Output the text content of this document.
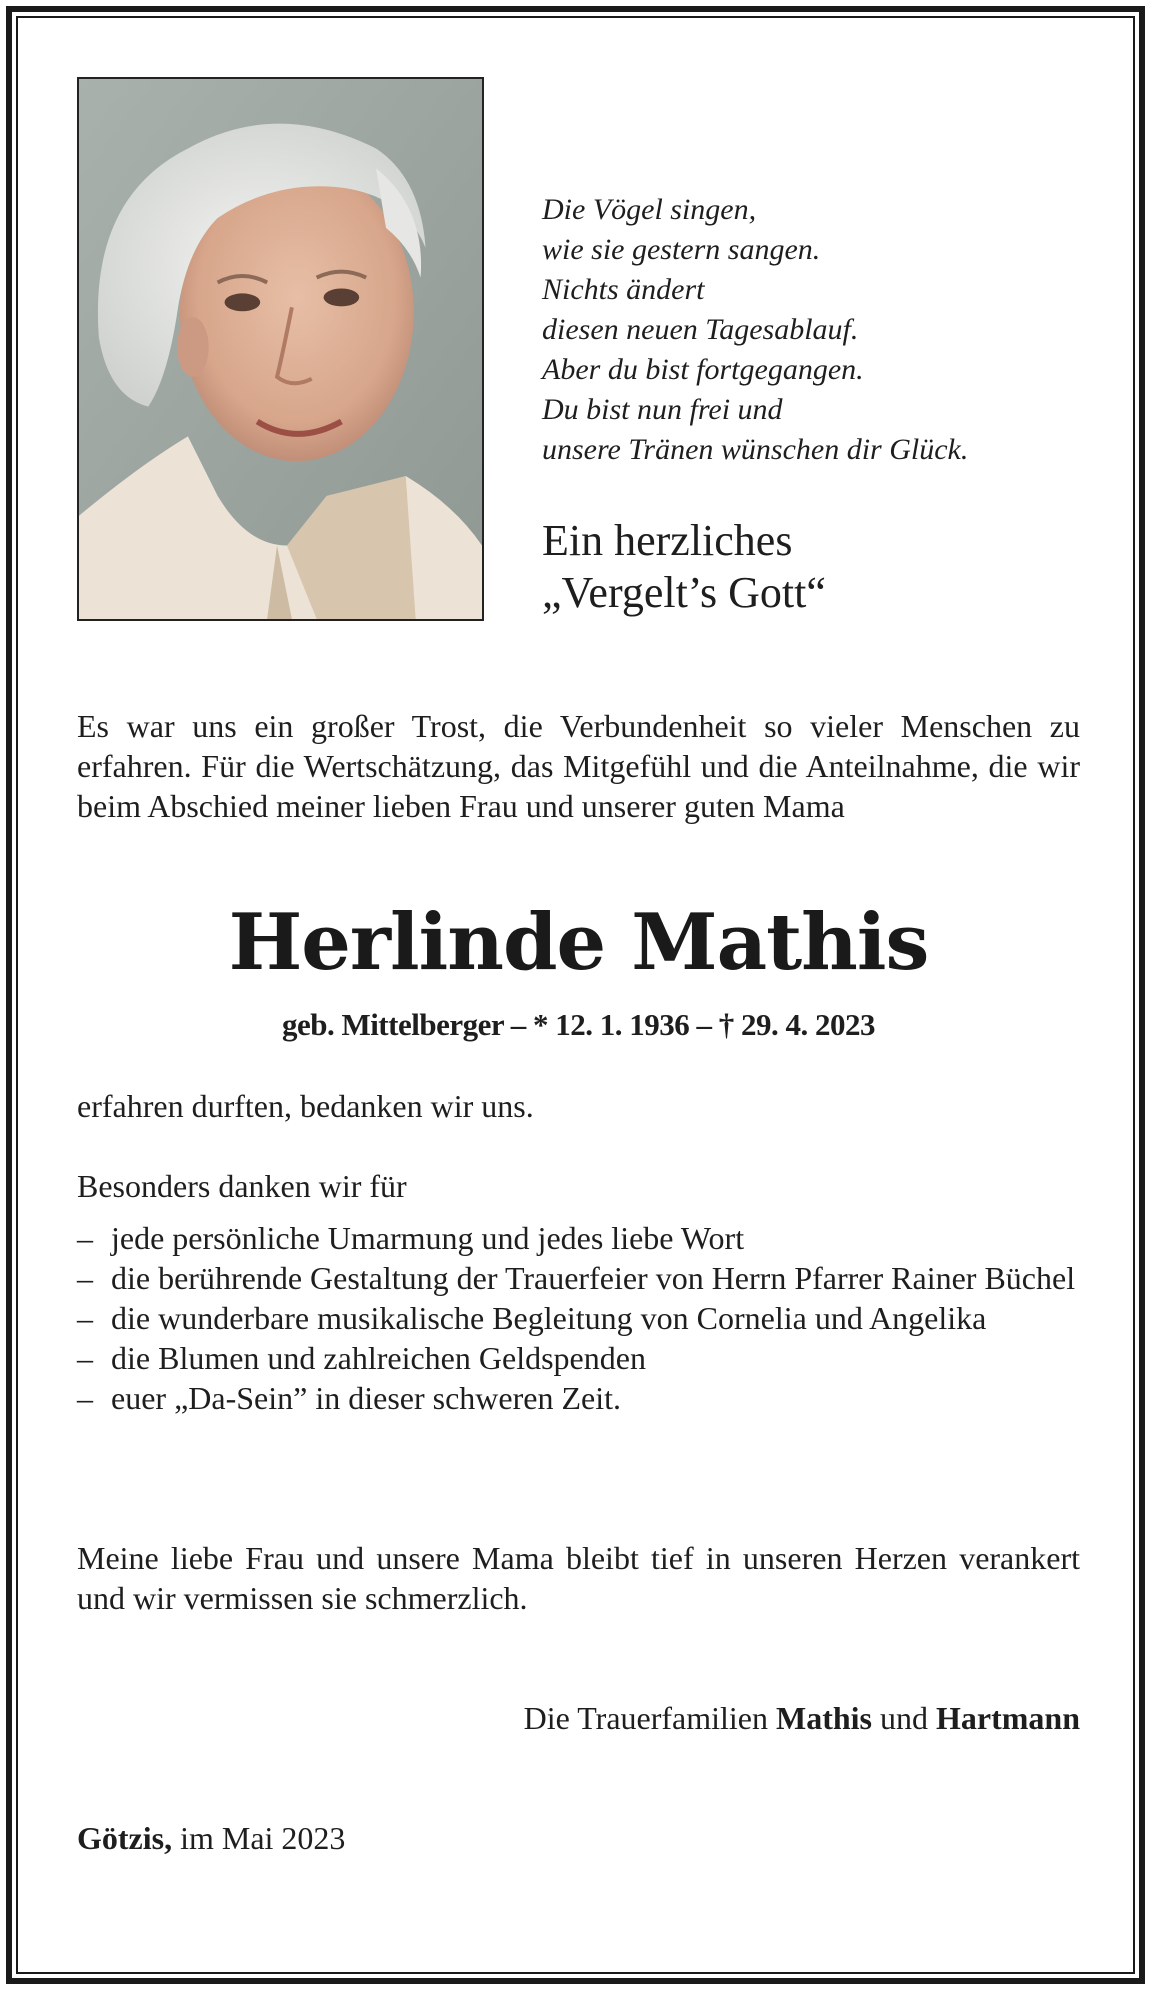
Die Vögel singen,
wie sie gestern sangen.
Nichts ändert
diesen neuen Tagesablauf.
Aber du bist fortgegangen.
Du bist nun frei und
unsere Tränen wünschen dir Glück.
Ein herzliches
„Vergelt’s Gott“
Es war uns ein großer Trost, die Verbundenheit so vieler Menschen zu erfahren. Für die Wertschätzung, das Mitgefühl und die Anteilnahme, die wir beim Abschied meiner lieben Frau und unserer guten Mama
Herlinde Mathis
geb. Mittelberger – * 12. 1. 1936 – † 29. 4. 2023
erfahren durften, bedanken wir uns.
Besonders danken wir für
– jede persönliche Umarmung und jedes liebe Wort
– die berührende Gestaltung der Trauerfeier von Herrn Pfarrer Rainer Büchel
– die wunderbare musikalische Begleitung von Cornelia und Angelika
– die Blumen und zahlreichen Geldspenden
– euer „Da-Sein” in dieser schweren Zeit.
Meine liebe Frau und unsere Mama bleibt tief in unseren Herzen verankert und wir vermissen sie schmerzlich.
Die Trauerfamilien Mathis und Hartmann
Götzis, im Mai 2023
